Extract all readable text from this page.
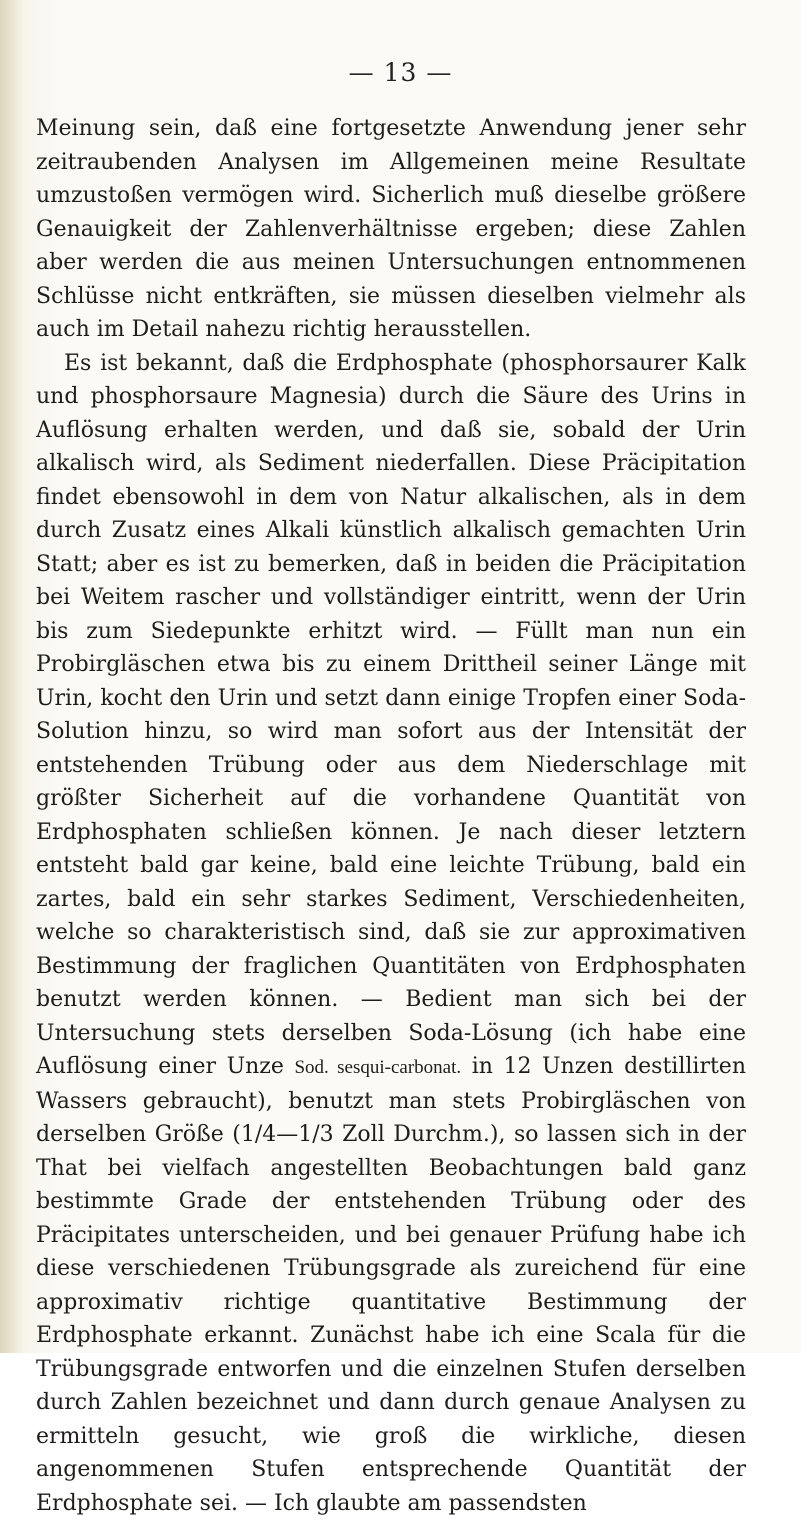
— 13 —
Meinung sein, daß eine fortgesetzte Anwendung jener sehr zeitraubenden Analysen im Allgemeinen meine Resultate umzustoßen vermögen wird. Sicherlich muß dieselbe größere Genauigkeit der Zahlenverhältnisse ergeben; diese Zahlen aber werden die aus meinen Untersuchungen entnommenen Schlüsse nicht entkräften, sie müssen dieselben vielmehr als auch im Detail nahezu richtig herausstellen.
Es ist bekannt, daß die Erdphosphate (phosphorsaurer Kalk und phosphorsaure Magnesia) durch die Säure des Urins in Auflösung erhalten werden, und daß sie, sobald der Urin alkalisch wird, als Sediment niederfallen. Diese Präcipitation findet ebensowohl in dem von Natur alkalischen, als in dem durch Zusatz eines Alkali künstlich alkalisch gemachten Urin Statt; aber es ist zu bemerken, daß in beiden die Präcipitation bei Weitem rascher und vollständiger eintritt, wenn der Urin bis zum Siedepunkte erhitzt wird. — Füllt man nun ein Probirgläschen etwa bis zu einem Drittheil seiner Länge mit Urin, kocht den Urin und setzt dann einige Tropfen einer Soda-Solution hinzu, so wird man sofort aus der Intensität der entstehenden Trübung oder aus dem Niederschlage mit größter Sicherheit auf die vorhandene Quantität von Erdphosphaten schließen können. Je nach dieser letztern entsteht bald gar keine, bald eine leichte Trübung, bald ein zartes, bald ein sehr starkes Sediment, Verschiedenheiten, welche so charakteristisch sind, daß sie zur approximativen Bestimmung der fraglichen Quantitäten von Erdphosphaten benutzt werden können. — Bedient man sich bei der Untersuchung stets derselben Soda-Lösung (ich habe eine Auflösung einer Unze Sod. sesqui-carbonat. in 12 Unzen destillirten Wassers gebraucht), benutzt man stets Probirgläschen von derselben Größe (1/4—1/3 Zoll Durchm.), so lassen sich in der That bei vielfach angestellten Beobachtungen bald ganz bestimmte Grade der entstehenden Trübung oder des Präcipitates unterscheiden, und bei genauer Prüfung habe ich diese verschiedenen Trübungsgrade als zureichend für eine approximativ richtige quantitative Bestimmung der Erdphosphate erkannt. Zunächst habe ich eine Scala für die Trübungsgrade entworfen und die einzelnen Stufen derselben durch Zahlen bezeichnet und dann durch genaue Analysen zu ermitteln gesucht, wie groß die wirkliche, diesen angenommenen Stufen entsprechende Quantität der Erdphosphate sei. — Ich glaubte am passendsten
